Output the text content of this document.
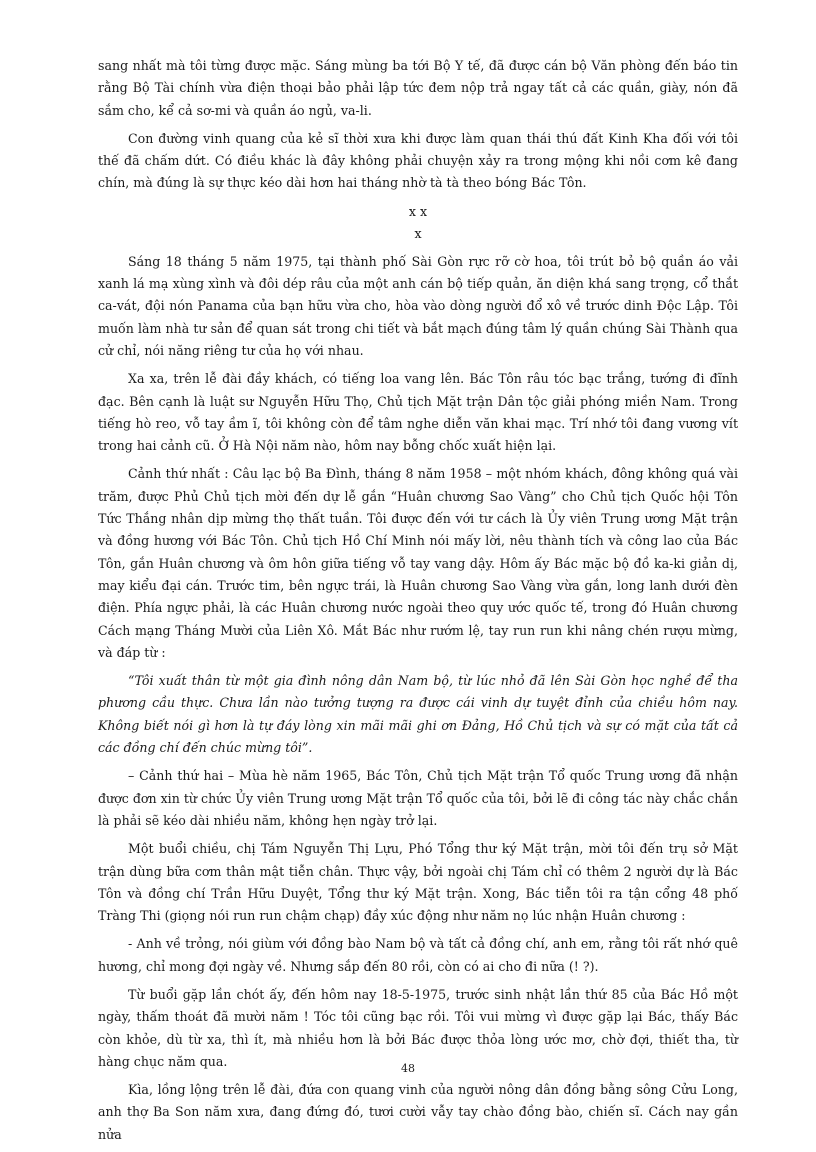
sang nhất mà tôi từng được mặc. Sáng mùng ba tới Bộ Y tế, đã được cán bộ Văn phòng đến báo tin rằng Bộ Tài chính vừa điện thoại bảo phải lập tức đem nộp trả ngay tất cả các quần, giày, nón đã sắm cho, kể cả sơ-mi và quần áo ngủ, va-li.

Con đường vinh quang của kẻ sĩ thời xưa khi được làm quan thái thú đất Kinh Kha đối với tôi thế đã chấm dứt. Có điều khác là đây không phải chuyện xảy ra trong mộng khi nồi cơm kê đang chín, mà đúng là sự thực kéo dài hơn hai tháng nhờ tà tà theo bóng Bác Tôn.

x x
x

Sáng 18 tháng 5 năm 1975, tại thành phố Sài Gòn rực rỡ cờ hoa, tôi trút bỏ bộ quần áo vải xanh lá mạ xùng xình và đôi dép râu của một anh cán bộ tiếp quản, ăn diện khá sang trọng, cổ thắt ca-vát, đội nón Panama của bạn hữu vừa cho, hòa vào dòng người đổ xô về trước dinh Độc Lập. Tôi muốn làm nhà tư sản để quan sát trong chi tiết và bắt mạch đúng tâm lý quần chúng Sài Thành qua cử chỉ, nói năng riêng tư của họ với nhau.

Xa xa, trên lễ đài đầy khách, có tiếng loa vang lên. Bác Tôn râu tóc bạc trắng, tướng đi đĩnh đạc. Bên cạnh là luật sư Nguyễn Hữu Thọ, Chủ tịch Mặt trận Dân tộc giải phóng miền Nam. Trong tiếng hò reo, vỗ tay ầm ĩ, tôi không còn để tâm nghe diễn văn khai mạc. Trí nhớ tôi đang vương vít trong hai cảnh cũ. Ở Hà Nội năm nào, hôm nay bỗng chốc xuất hiện lại.

Cảnh thứ nhất : Câu lạc bộ Ba Đình, tháng 8 năm 1958 – một nhóm khách, đông không quá vài trăm, được Phủ Chủ tịch mời đến dự lễ gắn “Huân chương Sao Vàng” cho Chủ tịch Quốc hội Tôn Tức Thắng nhân dịp mừng thọ thất tuần. Tôi được đến với tư cách là Ủy viên Trung ương Mặt trận và đồng hương với Bác Tôn. Chủ tịch Hồ Chí Minh nói mấy lời, nêu thành tích và công lao của Bác Tôn, gắn Huân chương và ôm hôn giữa tiếng vỗ tay vang dậy. Hôm ấy Bác mặc bộ đồ ka-ki giản dị, may kiểu đại cán. Trước tim, bên ngực trái, là Huân chương Sao Vàng vừa gắn, long lanh dưới đèn điện. Phía ngực phải, là các Huân chương nước ngoài theo quy ước quốc tế, trong đó Huân chương Cách mạng Tháng Mười của Liên Xô. Mắt Bác như rướm lệ, tay run run khi nâng chén rượu mừng, và đáp từ :

“Tôi xuất thân từ một gia đình nông dân Nam bộ, từ lúc nhỏ đã lên Sài Gòn học nghề để tha phương cầu thực. Chưa lần nào tưởng tượng ra được cái vinh dự tuyệt đỉnh của chiều hôm nay. Không biết nói gì hơn là tự đáy lòng xin mãi mãi ghi ơn Đảng, Hồ Chủ tịch và sự có mặt của tất cả các đồng chí đến chúc mừng tôi”.

– Cảnh thứ hai – Mùa hè năm 1965, Bác Tôn, Chủ tịch Mặt trận Tổ quốc Trung ương đã nhận được đơn xin từ chức Ủy viên Trung ương Mặt trận Tổ quốc của tôi, bởi lẽ đi công tác này chắc chắn là phải sẽ kéo dài nhiều năm, không hẹn ngày trở lại.

Một buổi chiều, chị Tám Nguyễn Thị Lựu, Phó Tổng thư ký Mặt trận, mời tôi đến trụ sở Mặt trận dùng bữa cơm thân mật tiễn chân. Thực vậy, bởi ngoài chị Tám chỉ có thêm 2 người dự là Bác Tôn và đồng chí Trần Hữu Duyệt, Tổng thư ký Mặt trận. Xong, Bác tiễn tôi ra tận cổng 48 phố Tràng Thi (giọng nói run run chậm chạp) đầy xúc động như năm nọ lúc nhận Huân chương :

- Anh về trỏng, nói giùm với đồng bào Nam bộ và tất cả đồng chí, anh em, rằng tôi rất nhớ quê hương, chỉ mong đợi ngày về. Nhưng sắp đến 80 rồi, còn có ai cho đi nữa (! ?).

Từ buổi gặp lần chót ấy, đến hôm nay 18-5-1975, trước sinh nhật lần thứ 85 của Bác Hồ một ngày, thấm thoát đã mười năm ! Tóc tôi cũng bạc rồi. Tôi vui mừng vì được gặp lại Bác, thấy Bác còn khỏe, dù từ xa, thì ít, mà nhiều hơn là bởi Bác được thỏa lòng ước mơ, chờ đợi, thiết tha, từ hàng chục năm qua.

Kìa, lồng lộng trên lễ đài, đứa con quang vinh của người nông dân đồng bằng sông Cửu Long, anh thợ Ba Son năm xưa, đang đứng đó, tươi cười vẫy tay chào đồng bào, chiến sĩ. Cách nay gần nửa

48
